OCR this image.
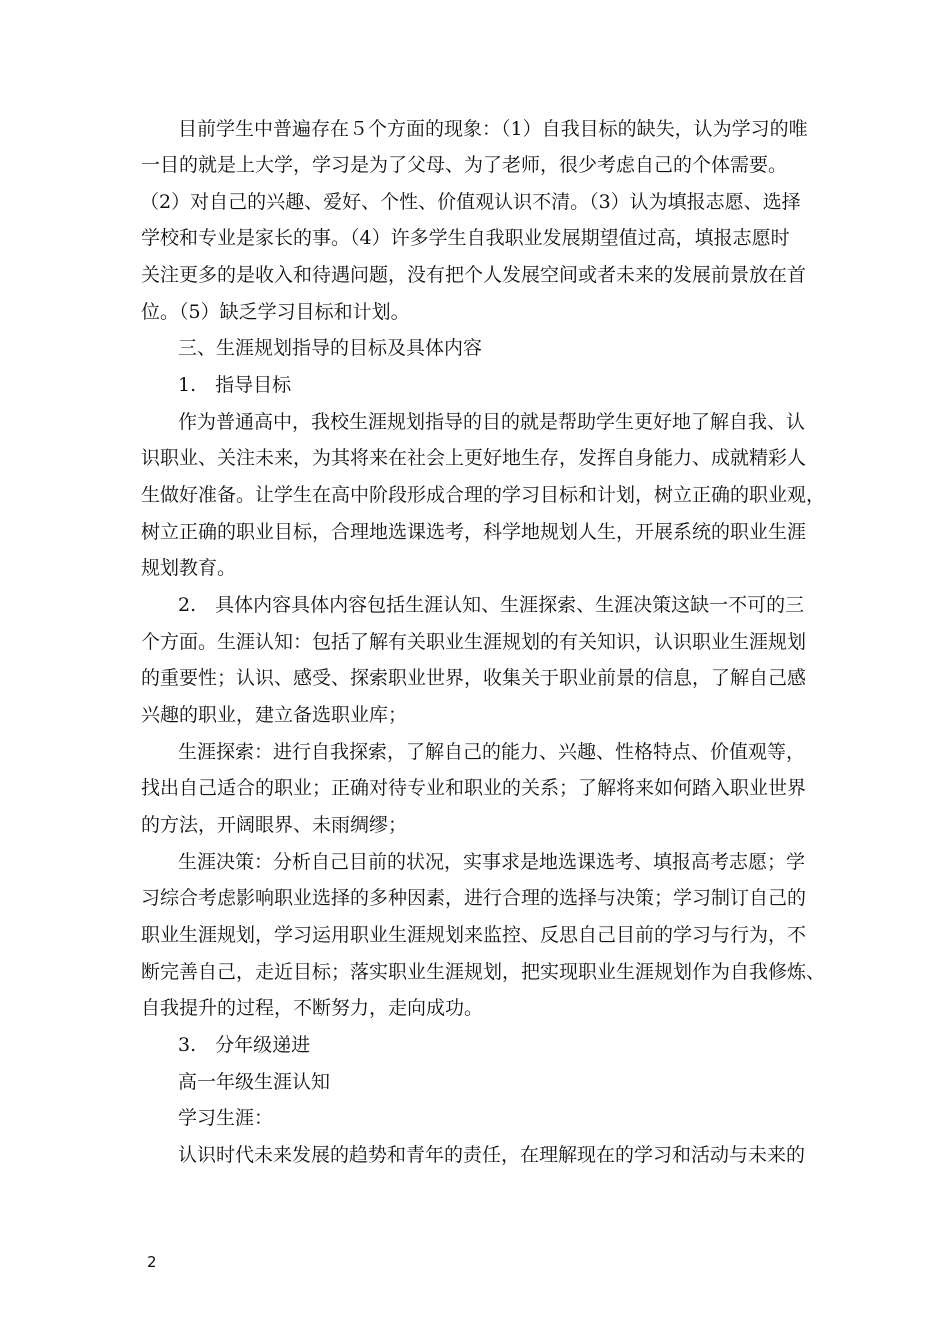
目前学生中普遍存在５个方面的现象：（1）自我目标的缺失，认为学习的唯
一目的就是上大学，学习是为了父母、为了老师，很少考虑自己的个体需要。
（2）对自己的兴趣、爱好、个性、价值观认识不清。（3）认为填报志愿、选择
学校和专业是家长的事。（4）许多学生自我职业发展期望值过高，填报志愿时
关注更多的是收入和待遇问题，没有把个人发展空间或者未来的发展前景放在首
位。（5）缺乏学习目标和计划。
三、生涯规划指导的目标及具体内容
1.　指导目标
作为普通高中，我校生涯规划指导的目的就是帮助学生更好地了解自我、认
识职业、关注未来，为其将来在社会上更好地生存，发挥自身能力、成就精彩人
生做好准备。让学生在高中阶段形成合理的学习目标和计划，树立正确的职业观，
树立正确的职业目标，合理地选课选考，科学地规划人生，开展系统的职业生涯
规划教育。
2.　具体内容具体内容包括生涯认知、生涯探索、生涯决策这缺一不可的三
个方面。生涯认知：包括了解有关职业生涯规划的有关知识，认识职业生涯规划
的重要性；认识、感受、探索职业世界，收集关于职业前景的信息，了解自己感
兴趣的职业，建立备选职业库；
生涯探索：进行自我探索，了解自己的能力、兴趣、性格特点、价值观等，
找出自己适合的职业；正确对待专业和职业的关系；了解将来如何踏入职业世界
的方法，开阔眼界、未雨绸缪；
生涯决策：分析自己目前的状况，实事求是地选课选考、填报高考志愿；学
习综合考虑影响职业选择的多种因素，进行合理的选择与决策；学习制订自己的
职业生涯规划，学习运用职业生涯规划来监控、反思自己目前的学习与行为，不
断完善自己，走近目标；落实职业生涯规划，把实现职业生涯规划作为自我修炼、
自我提升的过程，不断努力，走向成功。
3.　分年级递进
高一年级生涯认知
学习生涯：
认识时代未来发展的趋势和青年的责任，在理解现在的学习和活动与未来的
2
